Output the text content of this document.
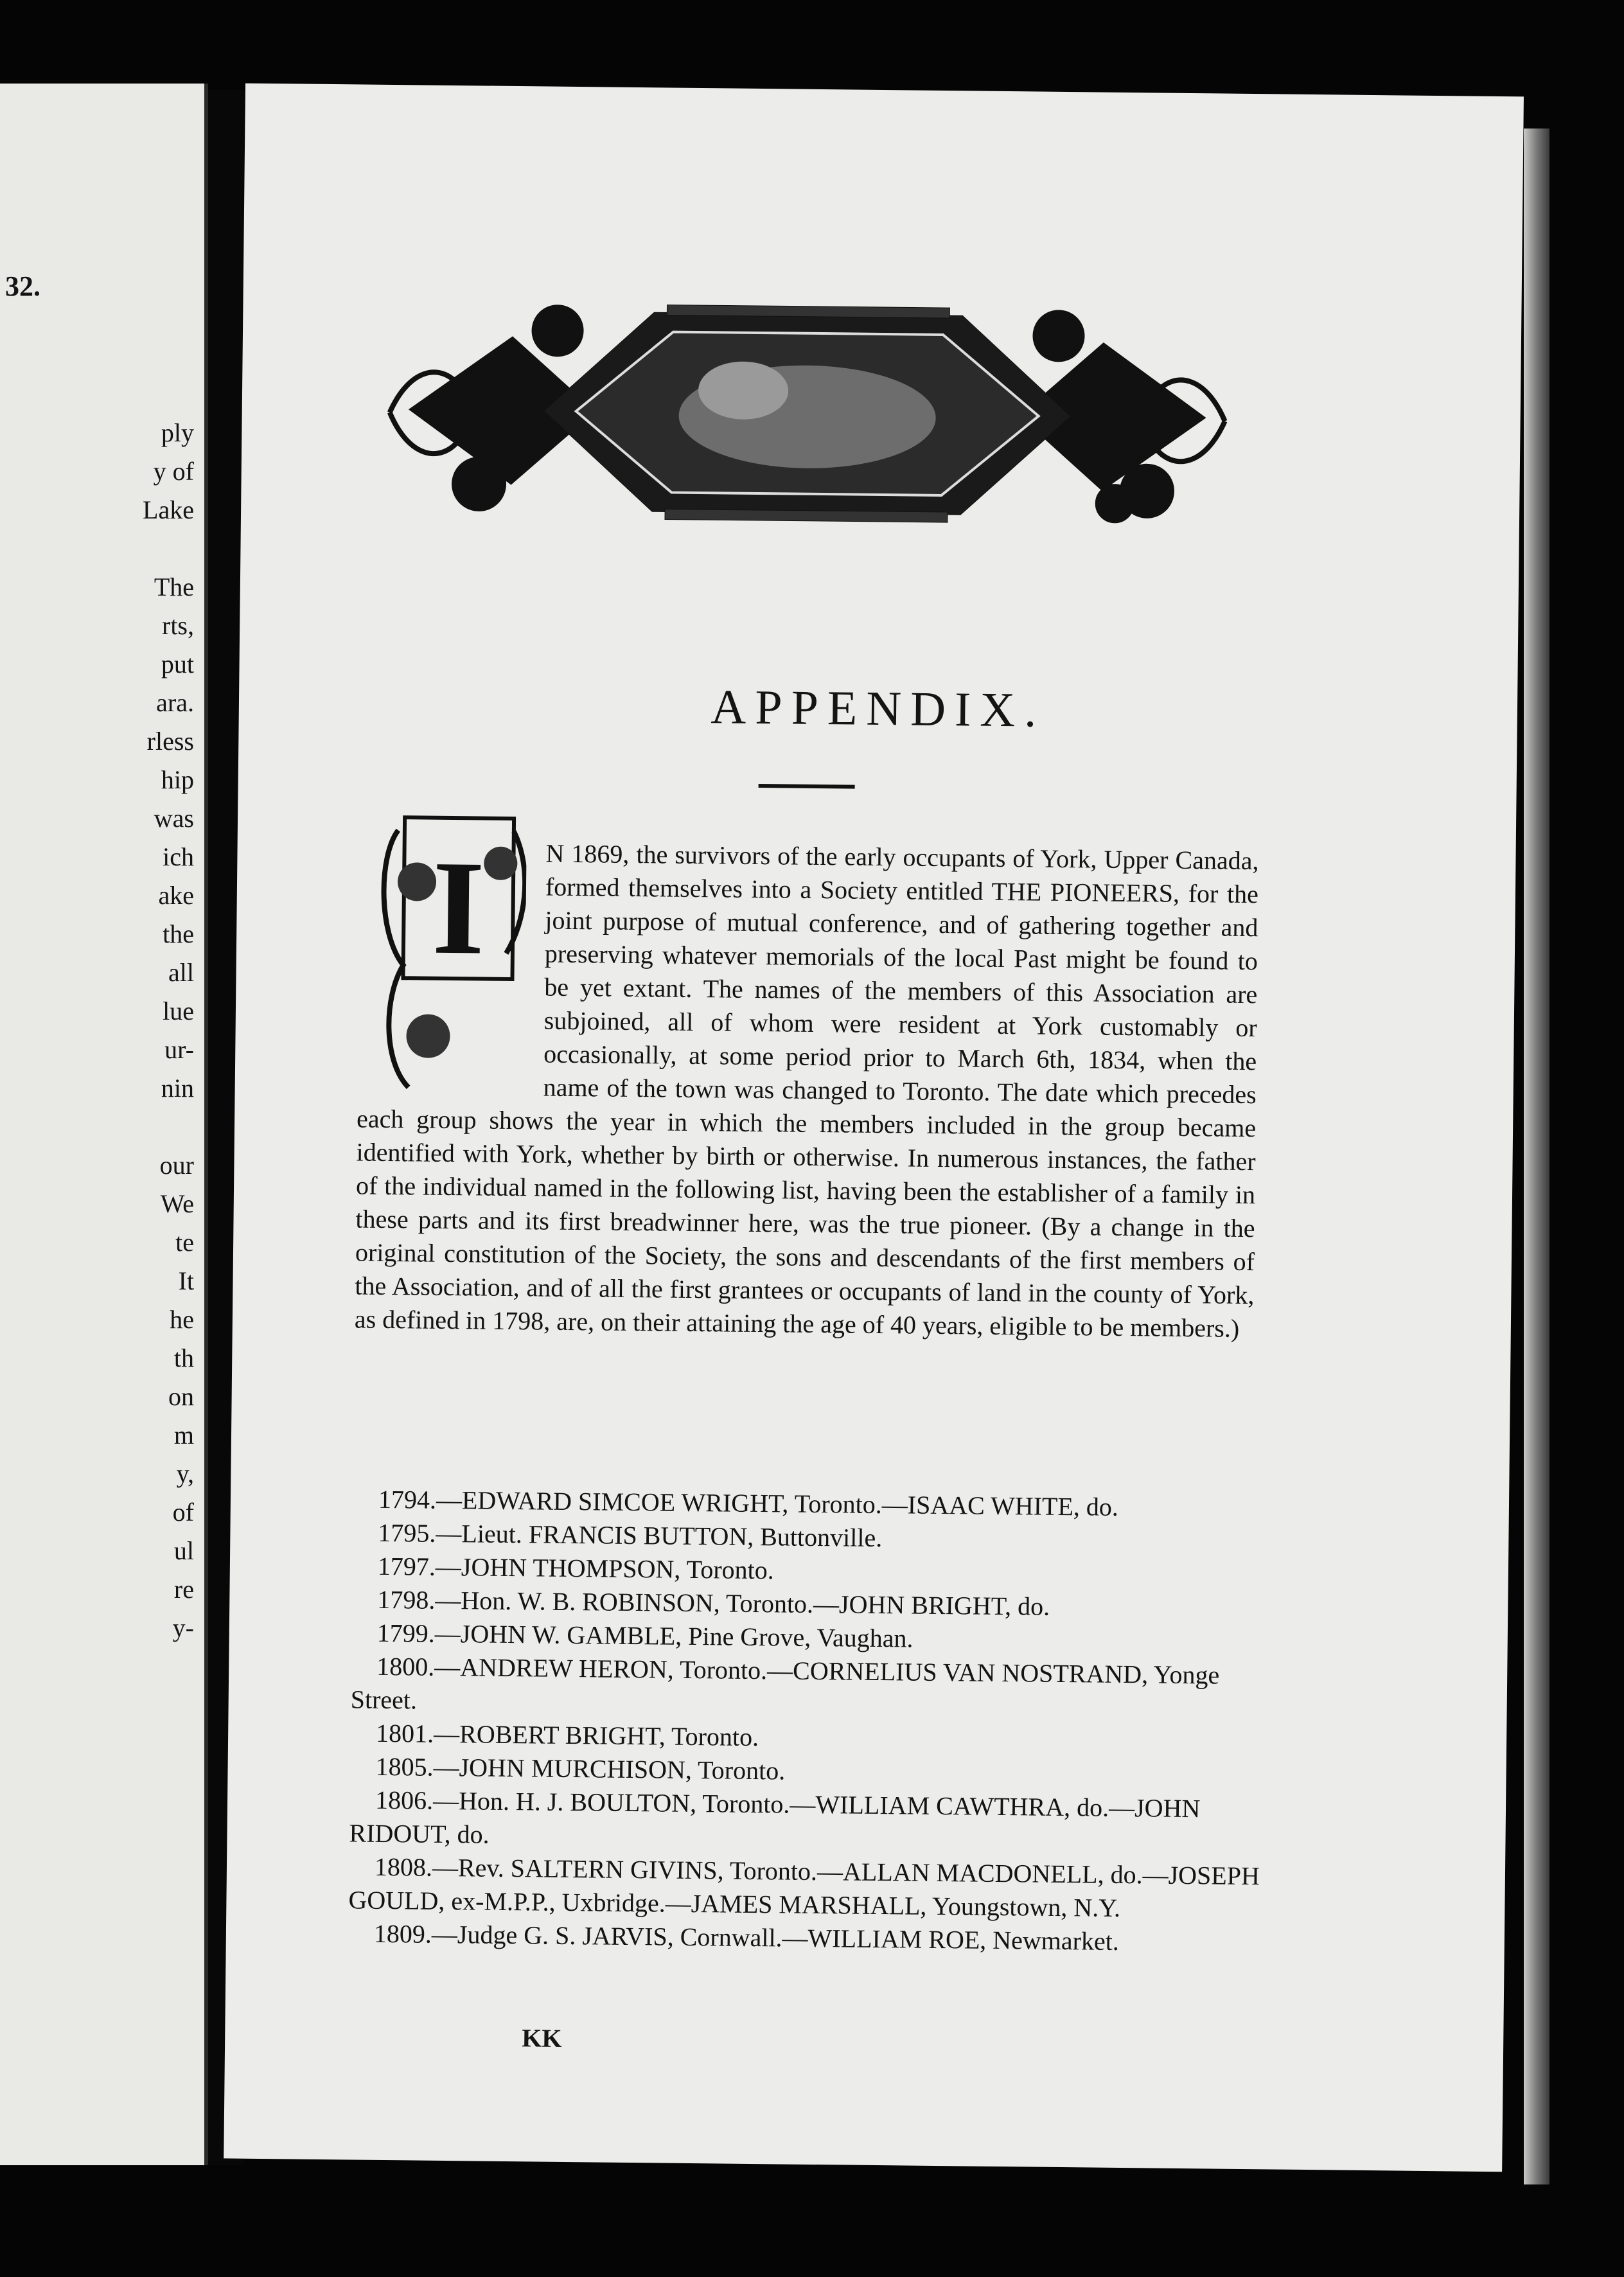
32.
ply
y of
Lake
The
rts,
put
ara.
rless
hip
was
ich
ake
the
all
lue
ur-
nin
our
We
te
It
he
th
on
m
y,
of
ul
re
y-
APPENDIX.
I	N 1869, the survivors of the early occupants of York, Upper Canada, formed themselves into a Society entitled THE PIONEERS, for the joint purpose of mutual conference, and of gathering together and preserving whatever memorials of the local Past might be found to be yet extant. The names of the members of this Association are subjoined, all of whom were resident at York customably or occasionally, at some period prior to March 6th, 1834, when the name of the town was changed to Toronto. The date which precedes each group shows the year in which the members included in the group became identified with York, whether by birth or otherwise. In numerous instances, the father of the individual named in the following list, having been the establisher of a family in these parts and its first breadwinner here, was the true pioneer. (By a change in the original constitution of the Society, the sons and descendants of the first members of the Association, and of all the first grantees or occupants of land in the county of York, as defined in 1798, are, on their attaining the age of 40 years, eligible to be members.)

1794.—EDWARD SIMCOE WRIGHT, Toronto.—ISAAC WHITE, do.

1795.—Lieut. FRANCIS BUTTON, Buttonville.

1797.—JOHN THOMPSON, Toronto.

1798.—Hon. W. B. ROBINSON, Toronto.—JOHN BRIGHT, do.

1799.—JOHN W. GAMBLE, Pine Grove, Vaughan.

1800.—ANDREW HERON, Toronto.—CORNELIUS VAN NOSTRAND, Yonge Street.

1801.—ROBERT BRIGHT, Toronto.

1805.—JOHN MURCHISON, Toronto.

1806.—Hon. H. J. BOULTON, Toronto.—WILLIAM CAWTHRA, do.—JOHN RIDOUT, do.

1808.—Rev. SALTERN GIVINS, Toronto.—ALLAN MACDONELL, do.—JOSEPH GOULD, ex-M.P.P., Uxbridge.—JAMES MARSHALL, Youngstown, N.Y.

1809.—Judge G. S. JARVIS, Cornwall.—WILLIAM ROE, Newmarket.

KK
